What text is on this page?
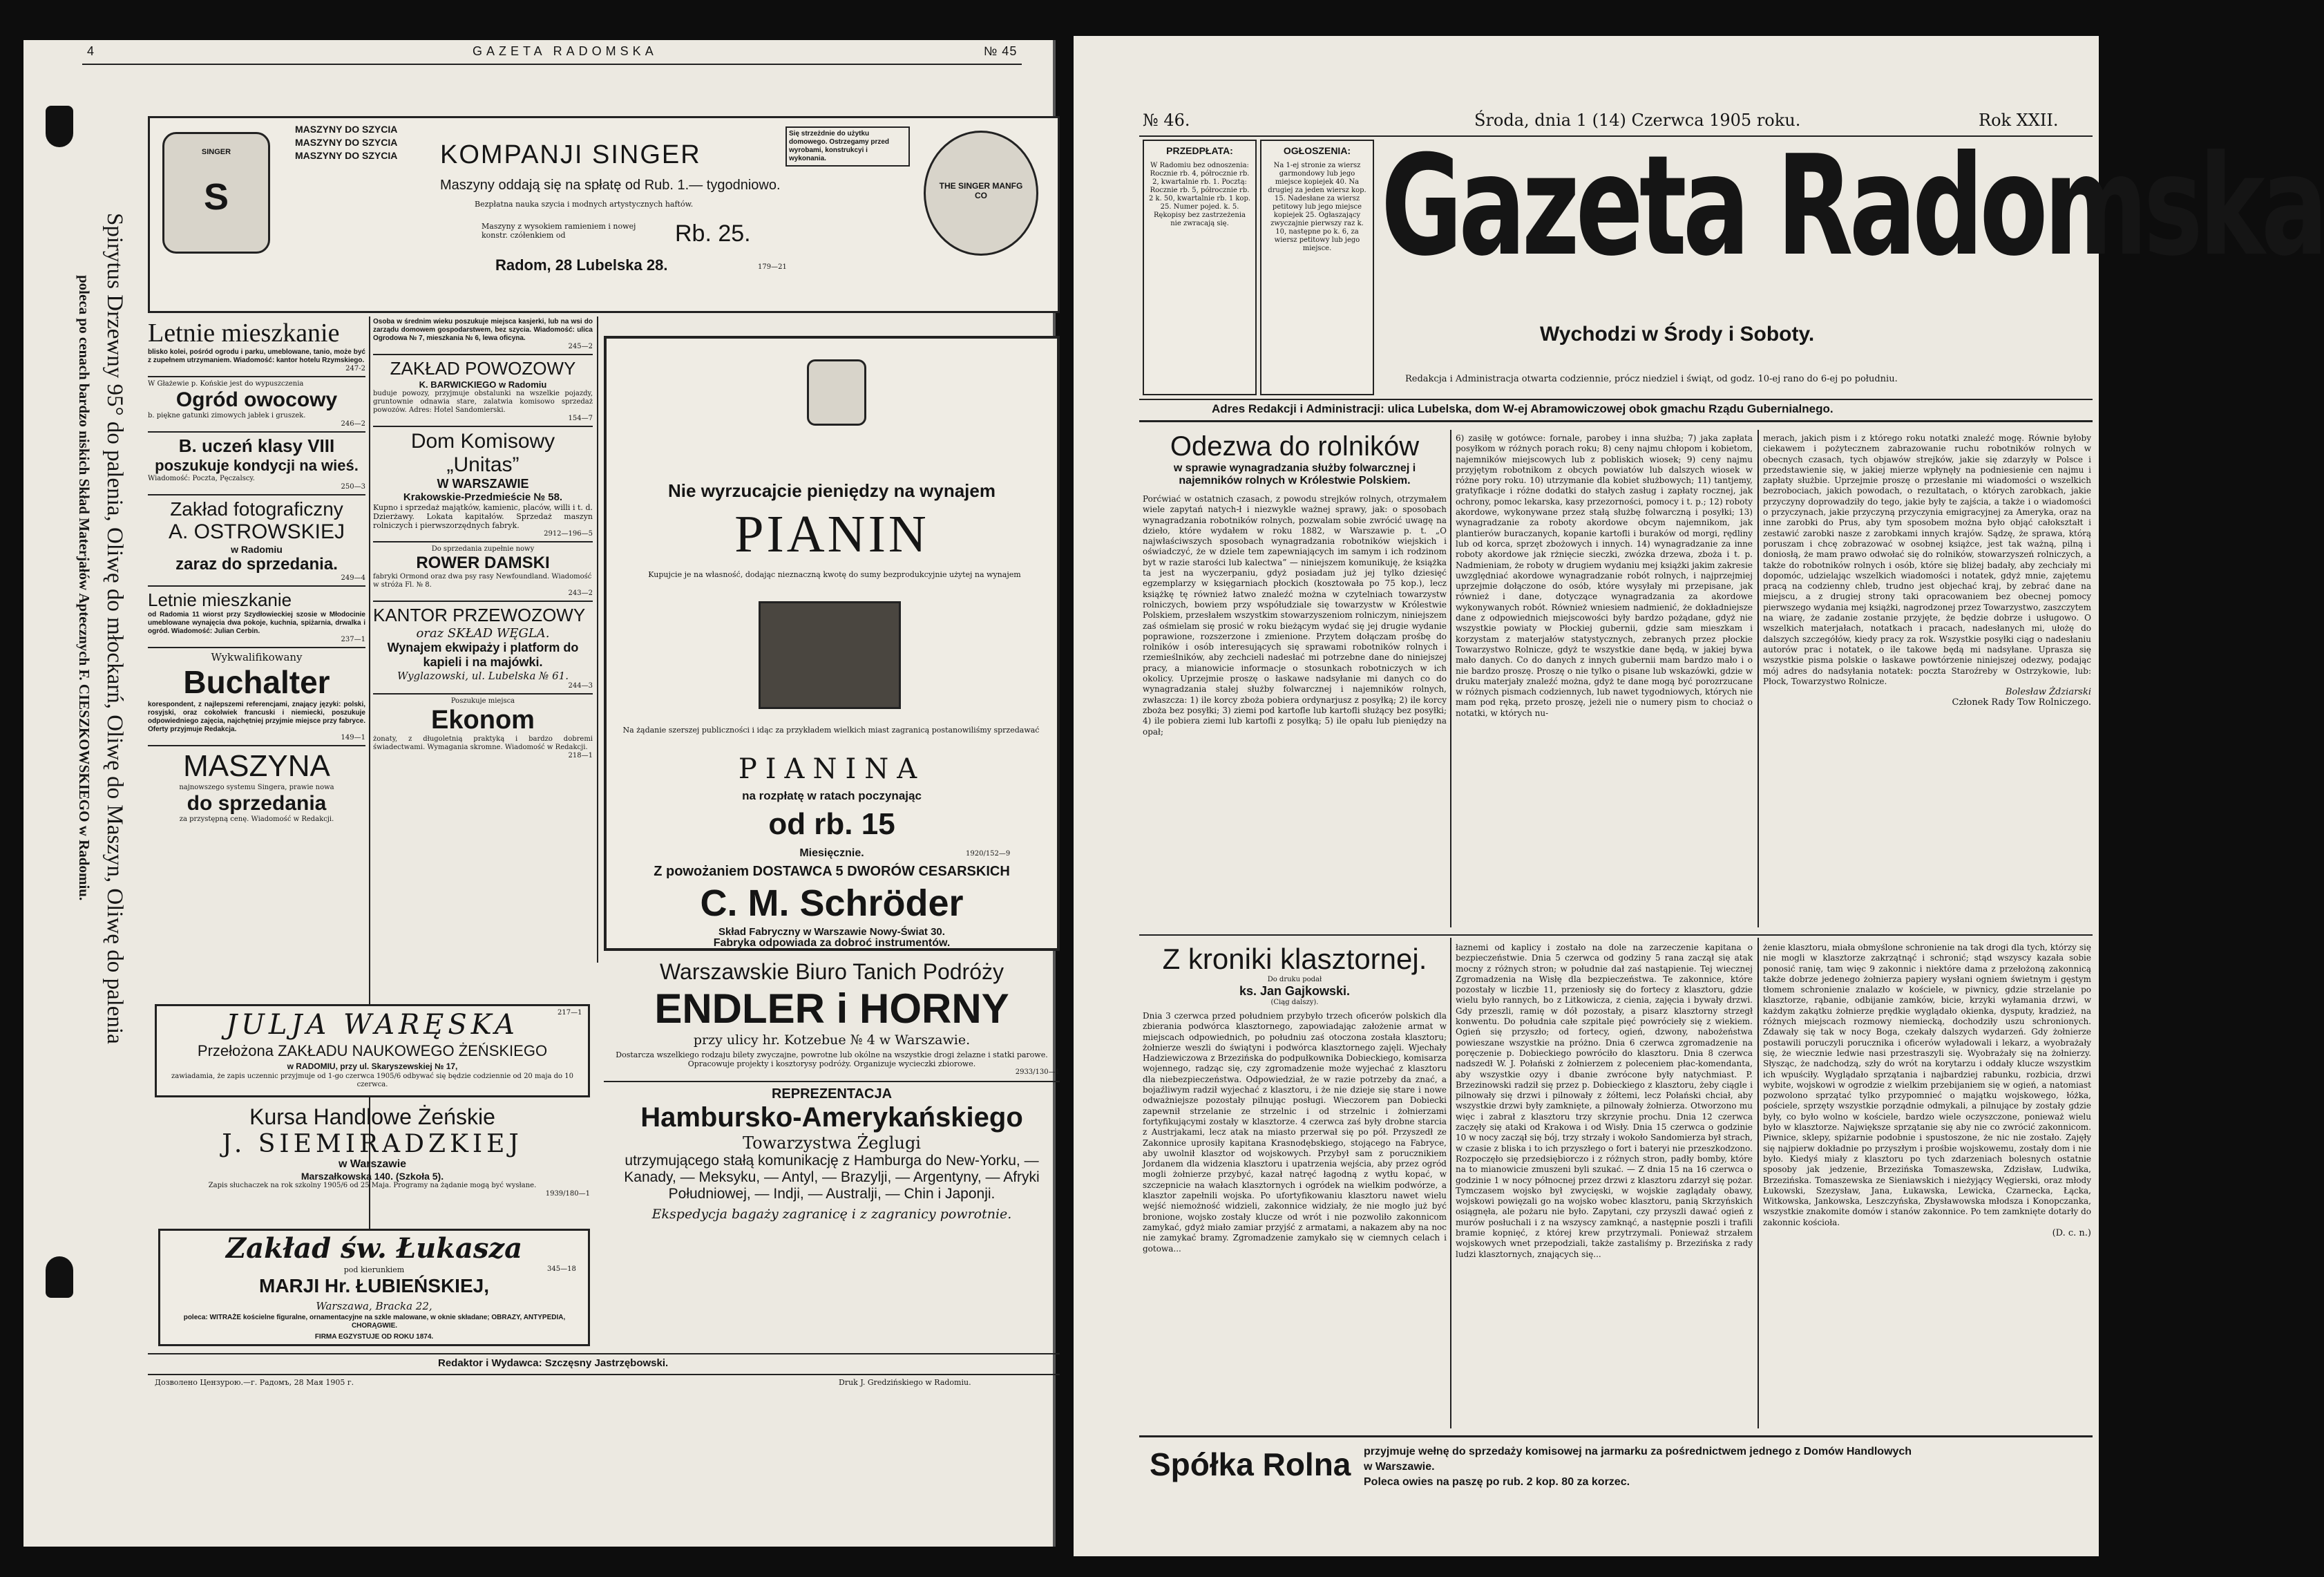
4	GAZETA RADOMSKA	№ 45
Spirytus Drzewny 95° do palenia, Oliwę do młockarń, Oliwę do Maszyn, Oliwę do palenia
poleca po cenach bardzo niskich Skład Materjałów Aptecznych F. CIESZKOWSKIEGO w Radomiu.
S
SINGER
MASZYNY DO SZYCIA
MASZYNY DO SZYCIA
MASZYNY DO SZYCIA	KOMPANJI SINGER
Maszyny oddają się na spłatę od Rub. 1.— tygodniowo.
Bezpłatna nauka szycia i modnych artystycznych haftów.
Maszyny z wysokiem ramieniem i nowej konstr. czółenkiem od	Rb. 25.
Radom, 28 Lubelska 28.	179—21
Się strzeżdnie do użytku domowego. Ostrzegamy przed wyrobami, konstrukcyi i wykonania.
THE SINGER MANFG CO
Letnie mieszkanie
blisko kolei, pośród ogrodu i parku, umeblowane, tanio, może być z zupełnem utrzymaniem. Wiadomość: kantor hotelu Rzymskiego.
247-2
W Głażewie p. Końskie jest do wypuszczenia
Ogród owocowy
b. piękne gatunki zimowych jabłek i gruszek.
246—2
B. uczeń klasy VIII
poszukuje kondycji na wieś.
Wiadomość: Poczta, Pęczalscy.
250—3
Zakład fotograficzny
A. OSTROWSKIEJ
w Radomiu
zaraz do sprzedania.
249—4
Letnie mieszkanie
od Radomia 11 wiorst przy Szydłowieckiej szosie w Młodocinie umeblowane wynajęcia dwa pokoje, kuchnia, spiżarnia, drwalka i ogród. Wiadomość: Julian Cerbin.
237—1
Wykwalifikowany
Buchalter
korespondent, z najlepszemi referencjami, znający języki: polski, rosyjski, oraz cokolwiek francuski i niemiecki, poszukuje odpowiedniego zajęcia, najchętniej przyjmie miejsce przy fabryce. Oferty przyjmuje Redakcja.
149—1
MASZYNA
najnowszego systemu Singera, prawie nowa
do sprzedania
za przystępną cenę. Wiadomość w Redakcji.
Osoba w średnim wieku poszukuje miejsca kasjerki, lub na wsi do zarządu domowem gospodarstwem, bez szycia. Wiadomość: ulica Ogrodowa № 7, mieszkania № 6, lewa oficyna.
245—2
ZAKŁAD POWOZOWY
K. BARWICKIEGO w Radomiu
buduje powozy, przyjmuje obstalunki na wszelkie pojazdy, gruntownie odnawia stare, zalatwia komisowo sprzedaż powozów. Adres: Hotel Sandomierski.
154—7
Dom Komisowy „Unitas”
W WARSZAWIE
Krakowskie-Przedmieście № 58.
Kupno i sprzedaż majątków, kamienic, placów, willi i t. d. Dzierżawy. Lokata kapitałów. Sprzedaż maszyn rolniczych i pierwszorzędnych fabryk.
2912—196—5
Do sprzedania zupełnie nowy
ROWER DAMSKI
fabryki Ormond oraz dwa psy rasy Newfoundland. Wiadomość w stróża Fl. № 8.
243—2
KANTOR PRZEWOZOWY
oraz SKŁAD WĘGLA.
Wynajem ekwipaży i platform do kapieli i na majówki.
Wyglazowski, ul. Lubelska № 61.
244—3
Poszukuje miejsca
Ekonom
żonaty, z długoletnią praktyką i bardzo dobremi świadectwami. Wymagania skromne. Wiadomość w Redakcji.
218—1
Nie wyrzucajcie pieniędzy na wynajem
PIANIN
Kupujcie je na własność, dodając nieznaczną kwotę do sumy bezprodukcyjnie użytej na wynajem
Na żądanie szerszej publiczności i idąc za przykładem wielkich miast zagranicą postanowiliśmy sprzedawać
PIANINA
na rozpłatę w ratach poczynając
od rb. 15
Miesięcznie.	1920/152—9
Z powożaniem DOSTAWCA 5 DWORÓW CESARSKICH
C. M. Schröder
Skład Fabryczny w Warszawie Nowy-Świat 30.
Fabryka odpowiada za dobroć instrumentów.
JULJA WARĘSKA
Przełożona ZAKŁADU NAUKOWEGO ŻEŃSKIEGO
w RADOMIU, przy ul. Skaryszewskiej № 17,
zawiadamia, że zapis uczennic przyjmuje od 1-go czerwca 1905/6 odbywać się będzie codziennie od 20 maja do 10 czerwca.
217—1
Kursa Handlowe Żeńskie
J. SIEMIRADZKIEJ
w Warszawie
Marszałkowska 140. (Szkoła 5).
Zapis słuchaczek na rok szkolny 1905/6 od 25 Maja. Programy na żądanie mogą być wysłane.
1939/180—1
Zakład św. Łukasza
pod kierunkiem
MARJI Hr. ŁUBIEŃSKIEJ,
Warszawa, Bracka 22,
poleca: WITRAŻE kościelne figuralne, ornamentacyjne na szkle malowane, w oknie składane; OBRAZY, ANTYPEDIA, CHORĄGWIE.
FIRMA EGZYSTUJE OD ROKU 1874.
345—18
Warszawskie Biuro Tanich Podróży
ENDLER i HORNY
przy ulicy hr. Kotzebue № 4 w Warszawie.
Dostarcza wszelkiego rodzaju bilety zwyczajne, powrotne lub okólne na wszystkie drogi żelazne i statki parowe. Opracowuje projekty i kosztorysy podróży. Organizuje wycieczki zbiorowe.
2933/130—1
REPREZENTACJA
Hambursko-Amerykańskiego
Towarzystwa Żeglugi
utrzymującego stałą komunikację z Hamburga do New-Yorku, — Kanady, — Meksyku, — Antyl, — Brazylji, — Argentyny, — Afryki Południowej, — Indji, — Australji, — Chin i Japonji.
Ekspedycja bagaży zagranicę i z zagranicy powrotnie.
Redaktor i Wydawca: Szczęsny Jastrzębowski.
Дозволено Цензурою.—г. Радомъ, 28 Мая 1905 г.	Druk J. Gredzińskiego w Radomiu.
№ 46.	Środa, dnia 1 (14) Czerwca 1905 roku.	Rok XXII.
PRZEDPŁATA:
W Radomiu bez odnoszenia: Rocznie rb. 4, półrocznie rb. 2, kwartalnie rb. 1. Pocztą: Rocznie rb. 5, półrocznie rb. 2 k. 50, kwartalnie rb. 1 kop. 25. Numer pojed. k. 5. Rękopisy bez zastrzeżenia nie zwracają się.
OGŁOSZENIA:
Na 1-ej stronie za wiersz garmondowy lub jego miejsce kopiejek 40. Na drugiej za jeden wiersz kop. 15. Nadesłane za wiersz petitowy lub jego miejsce kopiejek 25. Ogłaszający zwyczajnie pierwszy raz k. 10, następne po k. 6, za wiersz petitowy lub jego miejsce. Gazeta Radomska
Wychodzi w Środy i Soboty.
Redakcja i Administracja otwarta codziennie, prócz niedziel i świąt, od godz. 10-ej rano do 6-ej po południu.
Adres Redakcji i Administracji: ulica Lubelska, dom W-ej Abramowiczowej obok gmachu Rządu Gubernialnego.
Odezwa do rolników
w sprawie wynagradzania służby folwarcznej i najemników rolnych w Królestwie Polskiem.
Porćwiać w ostatnich czasach, z powodu strejków rolnych, otrzymałem wiele zapytań natych-ł i niezwykle ważnej sprawy, jak: o sposobach wynagradzania robotników rolnych, pozwalam sobie zwrócić uwagę na dzieło, które wydałem w roku 1882, w Warszawie p. t. „O najwłaściwszych sposobach wynagradzania robotników wiejskich i oświadczyć, że w dziele tem zapewniających im samym i ich rodzinom byt w razie starości lub kalectwa” — niniejszem komunikuję, że książka ta jest na wyczerpaniu, gdyż posiadam już jej tylko dziesięć egzemplarzy w księgarniach płockich (kosztowała po 75 kop.), lecz książkę tę również łatwo znaleźć można w czytelniach towarzystw rolniczych, bowiem przy współudziale się towarzystw w Królestwie Polskiem, przesłałem wszystkim stowarzyszeniom rolniczym, niniejszem zaś ośmielam się prosić w roku bieżącym wydać się jej drugie wydanie poprawione, rozszerzone i zmienione. Przytem dołączam prośbę do rolników i osób interesujących się sprawami robotników rolnych i rzemieślników, aby zechcieli nadesłać mi potrzebne dane do niniejszej pracy, a mianowicie informacje o stosunkach robotniczych w ich okolicy. Uprzejmie proszę o łaskawe nadsyłanie mi danych co do wynagradzania stałej służby folwarcznej i najemników rolnych, zwłaszcza: 1) ile korcy zboża pobiera ordynarjusz z posyłką; 2) ile korcy zboża bez posyłki; 3) ziemi pod kartofle lub kartofli służący bez posyłki; 4) ile pobiera ziemi lub kartofli z posyłką; 5) ile opału lub pieniędzy na opał;
6) zasiłę w gotówce: fornale, parobey i inna służba; 7) jaka zapłata posyłkom w różnych porach roku; 8) ceny najmu chłopom i kobietom, najemników miejscowych lub z pobliskich wiosek; 9) ceny najmu przyjętym robotnikom z obcych powiatów lub dalszych wiosek w różne pory roku. 10) utrzymanie dla kobiet służbowych; 11) tantjemy, gratyfikacje i różne dodatki do stałych zasług i zapłaty rocznej, jak ochrony, pomoc lekarska, kasy przezorności, pomocy i t. p.; 12) roboty akordowe, wykonywane przez stałą służbę folwarczną i posyłki; 13) wynagradzanie za roboty akordowe obcym najemnikom, jak plantierów buraczanych, kopanie kartofli i buraków od morgi, rędliny lub od korca, sprzęt zbożowych i innych. 14) wynagradzanie za inne roboty akordowe jak rżnięcie sieczki, zwózka drzewa, zboża i t. p. Nadmieniam, że roboty w drugiem wydaniu mej książki jakim zakresie uwzględniać akordowe wynagradzanie robót rolnych, i najprzejmiej uprzejmie dołączone do osób, które wysyłały mi przepisane, jak również i dane, dotyczące wynagradzania za akordowe wykonywanych robót. Również wniesiem nadmienić, że dokładniejsze dane z odpowiednich miejscowości były bardzo pożądane, gdyż nie wszystkie powiaty w Płockiej gubernii, gdzie sam mieszkam i korzystam z materjałów statystycznych, zebranych przez płockie Towarzystwo Rolnicze, gdyż te wszystkie dane będą, w jakiej bywa mało danych. Co do danych z innych gubernii mam bardzo mało i o nie bardzo proszę. Proszę o nie tylko o pisane lub wskazówki, gdzie w druku materjały znaleźć można, gdyż te dane mogą być porozrzucane w różnych pismach codziennych, lub nawet tygodniowych, których nie mam pod ręką, przeto proszę, jeżeli nie o numery pism to chociaż o notatki, w których nu-
merach, jakich pism i z którego roku notatki znaleźć mogę. Równie byłoby ciekawem i pożytecznem zabrazowanie ruchu robotników rolnych w obecnych czasach, tych objawów strejków, jakie się zdarzyły w Polsce i przedstawienie się, w jakiej mierze wpłynęły na podniesienie cen najmu i zapłaty służbie. Uprzejmie proszę o przesłanie mi wiadomości o wszelkich bezrobociach, jakich powodach, o rezultatach, o których zarobkach, jakie przyczyny doprowadziły do tego, jakie były te zajścia, a także i o wiadomości o przyczynach, jakie przyczyną przyczynia emigracyjnej za Ameryka, oraz na inne zarobki do Prus, aby tym sposobem można było objąć całokształt i zestawić zarobki nasze z zarobkami innych krajów. Sądzę, że sprawa, którą poruszam i chcę zobrazować w osobnej książce, jest tak ważną, pilną i doniosłą, że mam prawo odwołać się do rolników, stowarzyszeń rolniczych, a także do robotników rolnych i osób, które się bliżej badały, aby zechciały mi dopomóc, udzielając wszelkich wiadomości i notatek, gdyż mnie, zajętemu pracą na codzienny chleb, trudno jest objechać kraj, by zebrać dane na miejscu, a z drugiej strony taki opracowaniem bez obecnej pomocy pierwszego wydania mej książki, nagrodzonej przez Towarzystwo, zaszczytem na wiarę, że zadanie zostanie przyjęte, że będzie dobrze i usługowo. O wszelkich materjałach, notatkach i pracach, nadesłanych mi, ułożę do dalszych szczegółów, kiedy pracy za rok. Wszystkie posyłki ciąg o nadesłaniu autorów prac i notatek, o ile takowe będą mi nadsyłane. Uprasza się wszystkie pisma polskie o łaskawe powtórzenie niniejszej odezwy, podając mój adres do nadsyłania notatek: poczta Staroźreby w Ostrzykowie, lub: Płock, Towarzystwo Rolnicze.
Bolesław Żdziarski
Członek Rady Tow Rolniczego.
Z kroniki klasztornej.
Do druku podał
ks. Jan Gajkowski.
(Ciąg dalszy).
Dnia 3 czerwca przed południem przybyło trzech oficerów polskich dla zbierania podwórca klasztornego, zapowiadając założenie armat w miejscach odpowiednich, po południu zaś otoczona została klasztoru; żołnierze weszli do świątyni i podwórca klasztornego zajęli. Wjechały Hadziewiczowa z Brzezińska do podpułkownika Dobieckiego, komisarza wojennego, radząc się, czy zgromadzenie może wyjechać z klasztoru dla niebezpieczeństwa. Odpowiedział, że w razie potrzeby da znać, a bojaźliwym radził wyjechać z klasztoru, i że nie dzieje się stare i nowe odważniejsze pozostały pilnując posługi. Wieczorem pan Dobiecki zapewnił strzelanie ze strzelnic i od strzelnic i żołnierzami fortyfikującymi zostały w klasztorze. 4 czerwca zaś były drobne starcia z Austrjakami, lecz atak na miasto przerwał się po pół. Przyszedł ze Zakonnice uprosiły kapitana Krasnodębskiego, stojącego na Fabryce, aby uwolnił klasztor od wojskowych. Przybył sam z porucznikiem Jordanem dla widzenia klasztoru i upatrzenia wejścia, aby przez ogród mogli żołnierze przybyć, kazał natręć łagodną z wytłu kopać, w szczepnicie na wałach klasztornych i ogródek na wielkim podwórze, a klasztor zapełnili wojska. Po ufortyfikowaniu klasztoru nawet wielu wejść niemożność widzieli, zakonnice widziały, że nie mogło już być bronione, wojsko zostały klucze od wrót i nie pozwoliło zakonnicom zamykać, gdyż miało zamiar przyjść z armatami, a nakazem aby na noc nie zamykać bramy. Zgromadzenie zamykało się w ciemnych celach i gotowa...
łaznemi od kaplicy i zostało na dole na zarzeczenie kapitana o bezpieczeństwie. Dnia 5 czerwca od godziny 5 rana zaczął się atak mocny z różnych stron; w południe dał zaś nastąpienie. Tej wiecznej Zgromadzenia na Wisłę dla bezpieczeństwa. Te zakonnice, które pozostały w liczbie 11, przeniosły się do fortecy z klasztoru, gdzie wielu było rannych, bo z Litkowicza, z cienia, zajęcia i bywały drzwi. Gdy przeszli, ramię w dół pozostały, a pisarz klasztorny strzegł konwentu. Do południa całe szpitale pięć powrócieły się z wiekiem. Ogień się przyszło; od fortecy, ogień, dzwony, nabożeństwa powieszane wszystkie na próżno. Dnia 6 czerwca zgromadzenie na poręczenie p. Dobieckiego powróciło do klasztoru. Dnia 8 czerwca nadszedł W. J. Połański z żołnierzem z poleceniem płac-komendanta, aby wszystkie ozyy i dbanie zwrócone były natychmiast. P. Brzezinowski radził się przez p. Dobieckiego z klasztoru, żeby ciągle i pilnowały się drzwi i pilnowały z żółtemi, lecz Połański chciał, aby wszystkie drzwi były zamknięte, a pilnowały żołnierza. Otworzono mu więc i zabrał z klasztoru trzy skrzynie prochu. Dnia 12 czerwca zaczęły się ataki od Krakowa i od Wisły. Dnia 15 czerwca o godzinie 10 w nocy zaczął się bój, trzy strzały i wokoło Sandomierza był strach, w czasie z bliska i to ich przyszłego o fort i bateryi nie przeszkodzono. Rozpoczęło się przedsiębiorczo i z różnych stron, padły bomby, które na to mianowicie zmuszeni byli szukać. — Z dnia 15 na 16 czerwca o godzinie 1 w nocy północnej przez drzwi z klasztoru zdarzył się pożar. Tymczasem wojsko był zwycięski, w wojskie zaglądały obawy, wojskowi powięzali go na wojsko wobec klasztoru, panią Skrzyńskich osiągnęła, ale pożaru nie było. Zapytani, czy przyszli dawać ogień z murów posłuchali i z na wszyscy zamknąć, a następnie poszli i trafili bramie kopnięć, z której krew przytrzymali. Ponieważ strzałem wojskowych wnet przepodziali, także zastaliśmy p. Brzezińska z rady ludzi klasztornych, znających się...
żenie klasztoru, miała obmyślone schronienie na tak drogi dla tych, którzy się nie mogli w klasztorze zakrzątnąć i schronić; stąd wszyscy kazała sobie ponosić ranię, tam więc 9 zakonnic i niektóre dama z przełożoną zakonnicą także dobrze jedenego żołnierza papiery wysłani ogniem świetnym i gęstym tłomem schronienie znalazło w kościele, w piwnicy, gdzie strzelanie po klasztorze, rąbanie, odbijanie zamków, bicie, krzyki wyłamania drzwi, w każdym zakątku żołnierze prędkie wyglądało okienka, dysputy, kradzież, na różnych miejscach rozmowy niemiecką, dochodziły uszu schronionych. Zdawały się tak w nocy Boga, czekały dalszych wydarzeń. Gdy żołnierze postawili poruczyli porucznika i oficerów wyładowali i lekarz, a wyobrażały się, że wiecznie ledwie nasi przestraszyli się. Wyobrażały się na żołnierzy. Słysząc, że nadchodzą, szły do wrót na korytarzu i oddały klucze wszystkim ich wpuściły. Wyglądało sprzątania i najbardziej rabunku, rozbicia, drzwi wybite, wojskowi w ogrodzie z wielkim przebijaniem się w ogień, a natomiast pozwolono sprzątać tylko przypomnieć o majątku wojskowego, łóżka, pościele, sprzęty wszystkie porządnie odmykali, a pilnujące by zostały gdzie były, co było wolno w kościele, bardzo wiele oczyszczone, ponieważ wielu było w klasztorze. Największe sprzątanie się aby nie co zwrócić zakonnicom. Piwnice, sklepy, spiżarnie podobnie i spustoszone, że nic nie zostało. Zajęły się najpierw dokładnie po przyszłym i prośbie wojskowemu, zostały dom i nie było. Kiedyś miały z klasztoru po tych zdarzeniach bolesnych ostatnie sposoby jak jedzenie, Brzezińska Tomaszewska, Zdzisław, Ludwika, Brzezińska. Tomaszewska ze Sieniawskich i nieżyjący Węgierski, oraz młody Łukowski, Szezysław, Jana, Łukawska, Lewicka, Czarnecka, Łącka, Witkowska, Jankowska, Leszczyńska, Zbysławowska młodsza i Konopczanka, wszystkie znakomite domów i stanów zakonnice. Po tem zamknięte dotarły do zakonnic kościoła.
(D. c. n.)
Spółka Rolna przyjmuje wełnę do sprzedaży komisowej na jarmarku za pośrednictwem jednego z Domów Handlowych
w Warszawie.
Poleca owies na paszę po rub. 2 kop. 80 za korzec.
